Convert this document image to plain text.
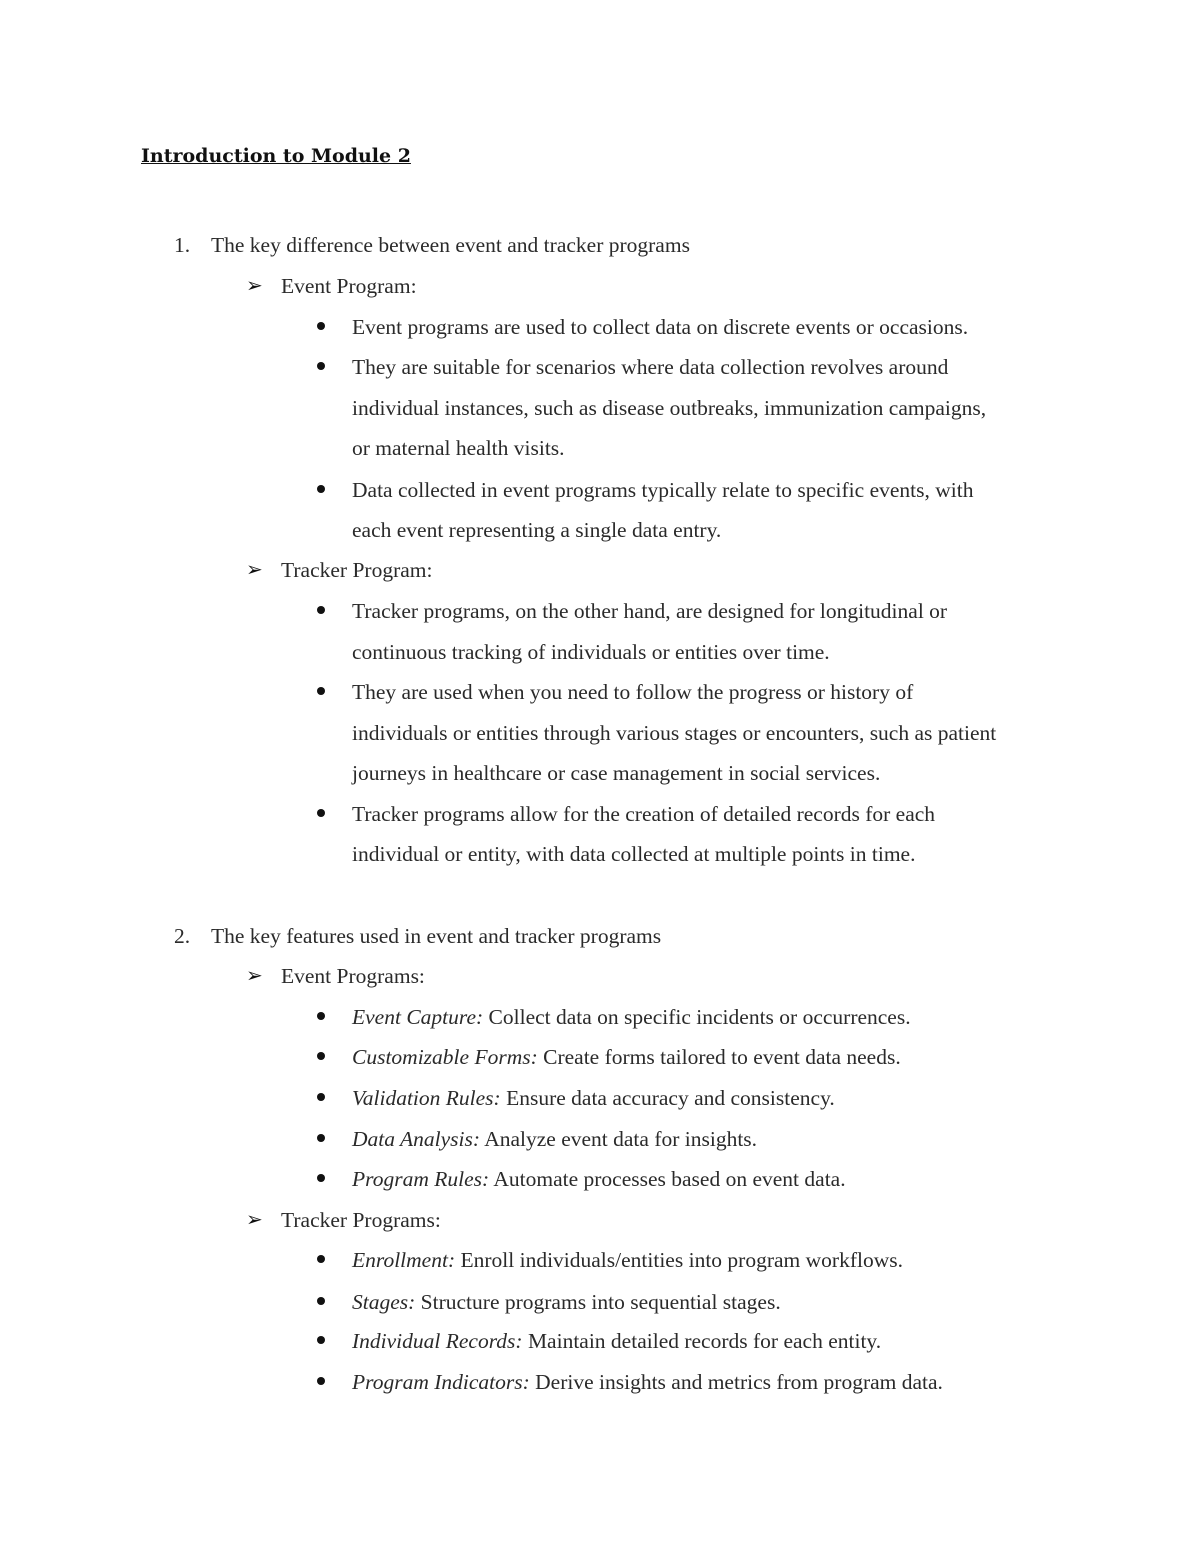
Introduction to Module 2
1. The key difference between event and tracker programs
➢ Event Program:
Event programs are used to collect data on discrete events or occasions.
They are suitable for scenarios where data collection revolves around
individual instances, such as disease outbreaks, immunization campaigns,
or maternal health visits.
Data collected in event programs typically relate to specific events, with
each event representing a single data entry.
➢ Tracker Program:
Tracker programs, on the other hand, are designed for longitudinal or
continuous tracking of individuals or entities over time.
They are used when you need to follow the progress or history of
individuals or entities through various stages or encounters, such as patient
journeys in healthcare or case management in social services.
Tracker programs allow for the creation of detailed records for each
individual or entity, with data collected at multiple points in time.
2. The key features used in event and tracker programs
➢ Event Programs:
Event Capture: Collect data on specific incidents or occurrences.
Customizable Forms: Create forms tailored to event data needs.
Validation Rules: Ensure data accuracy and consistency.
Data Analysis: Analyze event data for insights.
Program Rules: Automate processes based on event data.
➢ Tracker Programs:
Enrollment: Enroll individuals/entities into program workflows.
Stages: Structure programs into sequential stages.
Individual Records: Maintain detailed records for each entity.
Program Indicators: Derive insights and metrics from program data.
